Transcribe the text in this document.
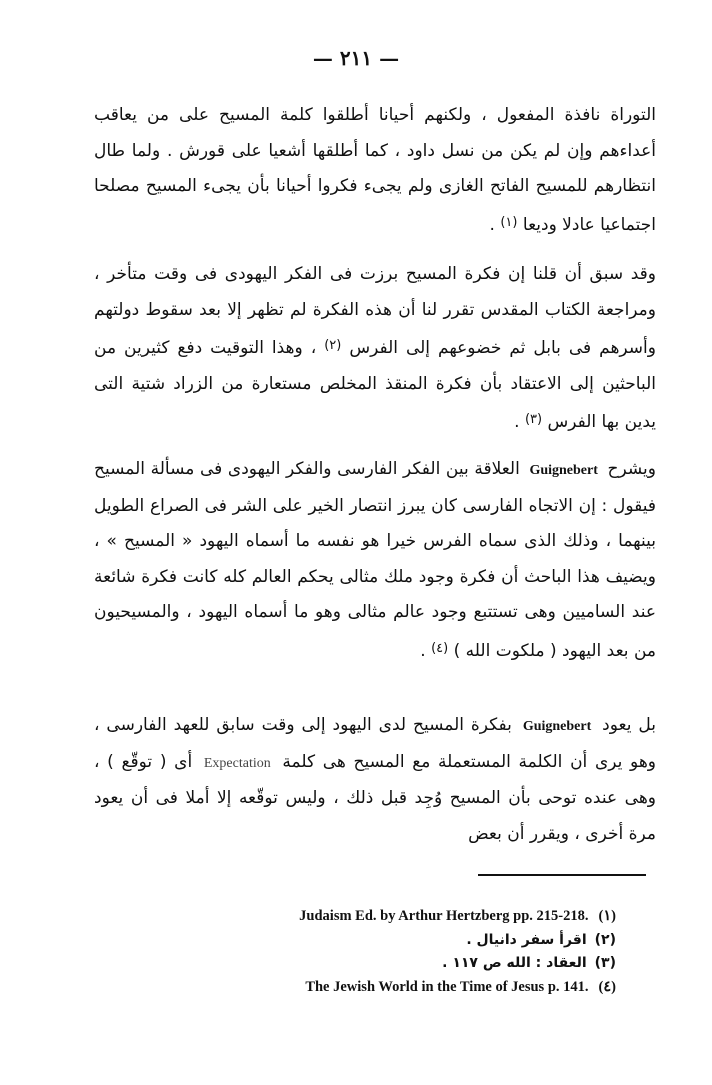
— ٢١١ —

التوراة نافذة المفعول ، ولكنهم أحيانا أطلقوا كلمة المسيح على من يعاقب أعداءهم وإن لم يكن من نسل داود ، كما أطلقها أشعيا على قورش . ولما طال انتظارهم للمسيح الفاتح الغازى ولم يجىء فكروا أحيانا بأن يجىء المسيح مصلحا اجتماعيا عادلا وديعا $^{(١)}$ .

وقد سبق أن قلنا إن فكرة المسيح برزت فى الفكر اليهودى فى وقت متأخر ، ومراجعة الكتاب المقدس تقرر لنا أن هذه الفكرة لم تظهر إلا بعد سقوط دولتهم وأسرهم فى بابل ثم خضوعهم إلى الفرس $^{(٢)}$ ، وهذا التوقيت دفع كثيرين من الباحثين إلى الاعتقاد بأن فكرة المنقذ المخلص مستعارة من الزراد شتية التى يدين بها الفرس $^{(٣)}$ .

ويشرح Guignebert العلاقة بين الفكر الفارسى والفكر اليهودى فى مسألة المسيح فيقول : إن الاتجاه الفارسى كان يبرز انتصار الخير على الشر فى الصراع الطويل بينهما ، وذلك الذى سماه الفرس خيرا هو نفسه ما أسماه اليهود « المسيح » ، ويضيف هذا الباحث أن فكرة وجود ملك مثالى يحكم العالم كله كانت فكرة شائعة عند الساميين وهى تستتبع وجود عالم مثالى وهو ما أسماه اليهود ، والمسيحيون من بعد اليهود ( ملكوت الله ) $^{(٤)}$ .

بل يعود Guignebert بفكرة المسيح لدى اليهود إلى وقت سابق للعهد الفارسى ، وهو يرى أن الكلمة المستعملة مع المسيح هى كلمة Expectation أى ( توقّع ) ، وهى عنده توحى بأن المسيح وُجِد قبل ذلك ، وليس توقّعه إلا أملا فى أن يعود مرة أخرى ، ويقرر أن بعض

Judaism Ed. by Arthur Hertzberg pp. 215-218. (١)
(٢)اقرأ سفر دانيال .
(٣)العقاد : الله ص ١١٧ .
The Jewish World in the Time of Jesus p. 141. (٤)
